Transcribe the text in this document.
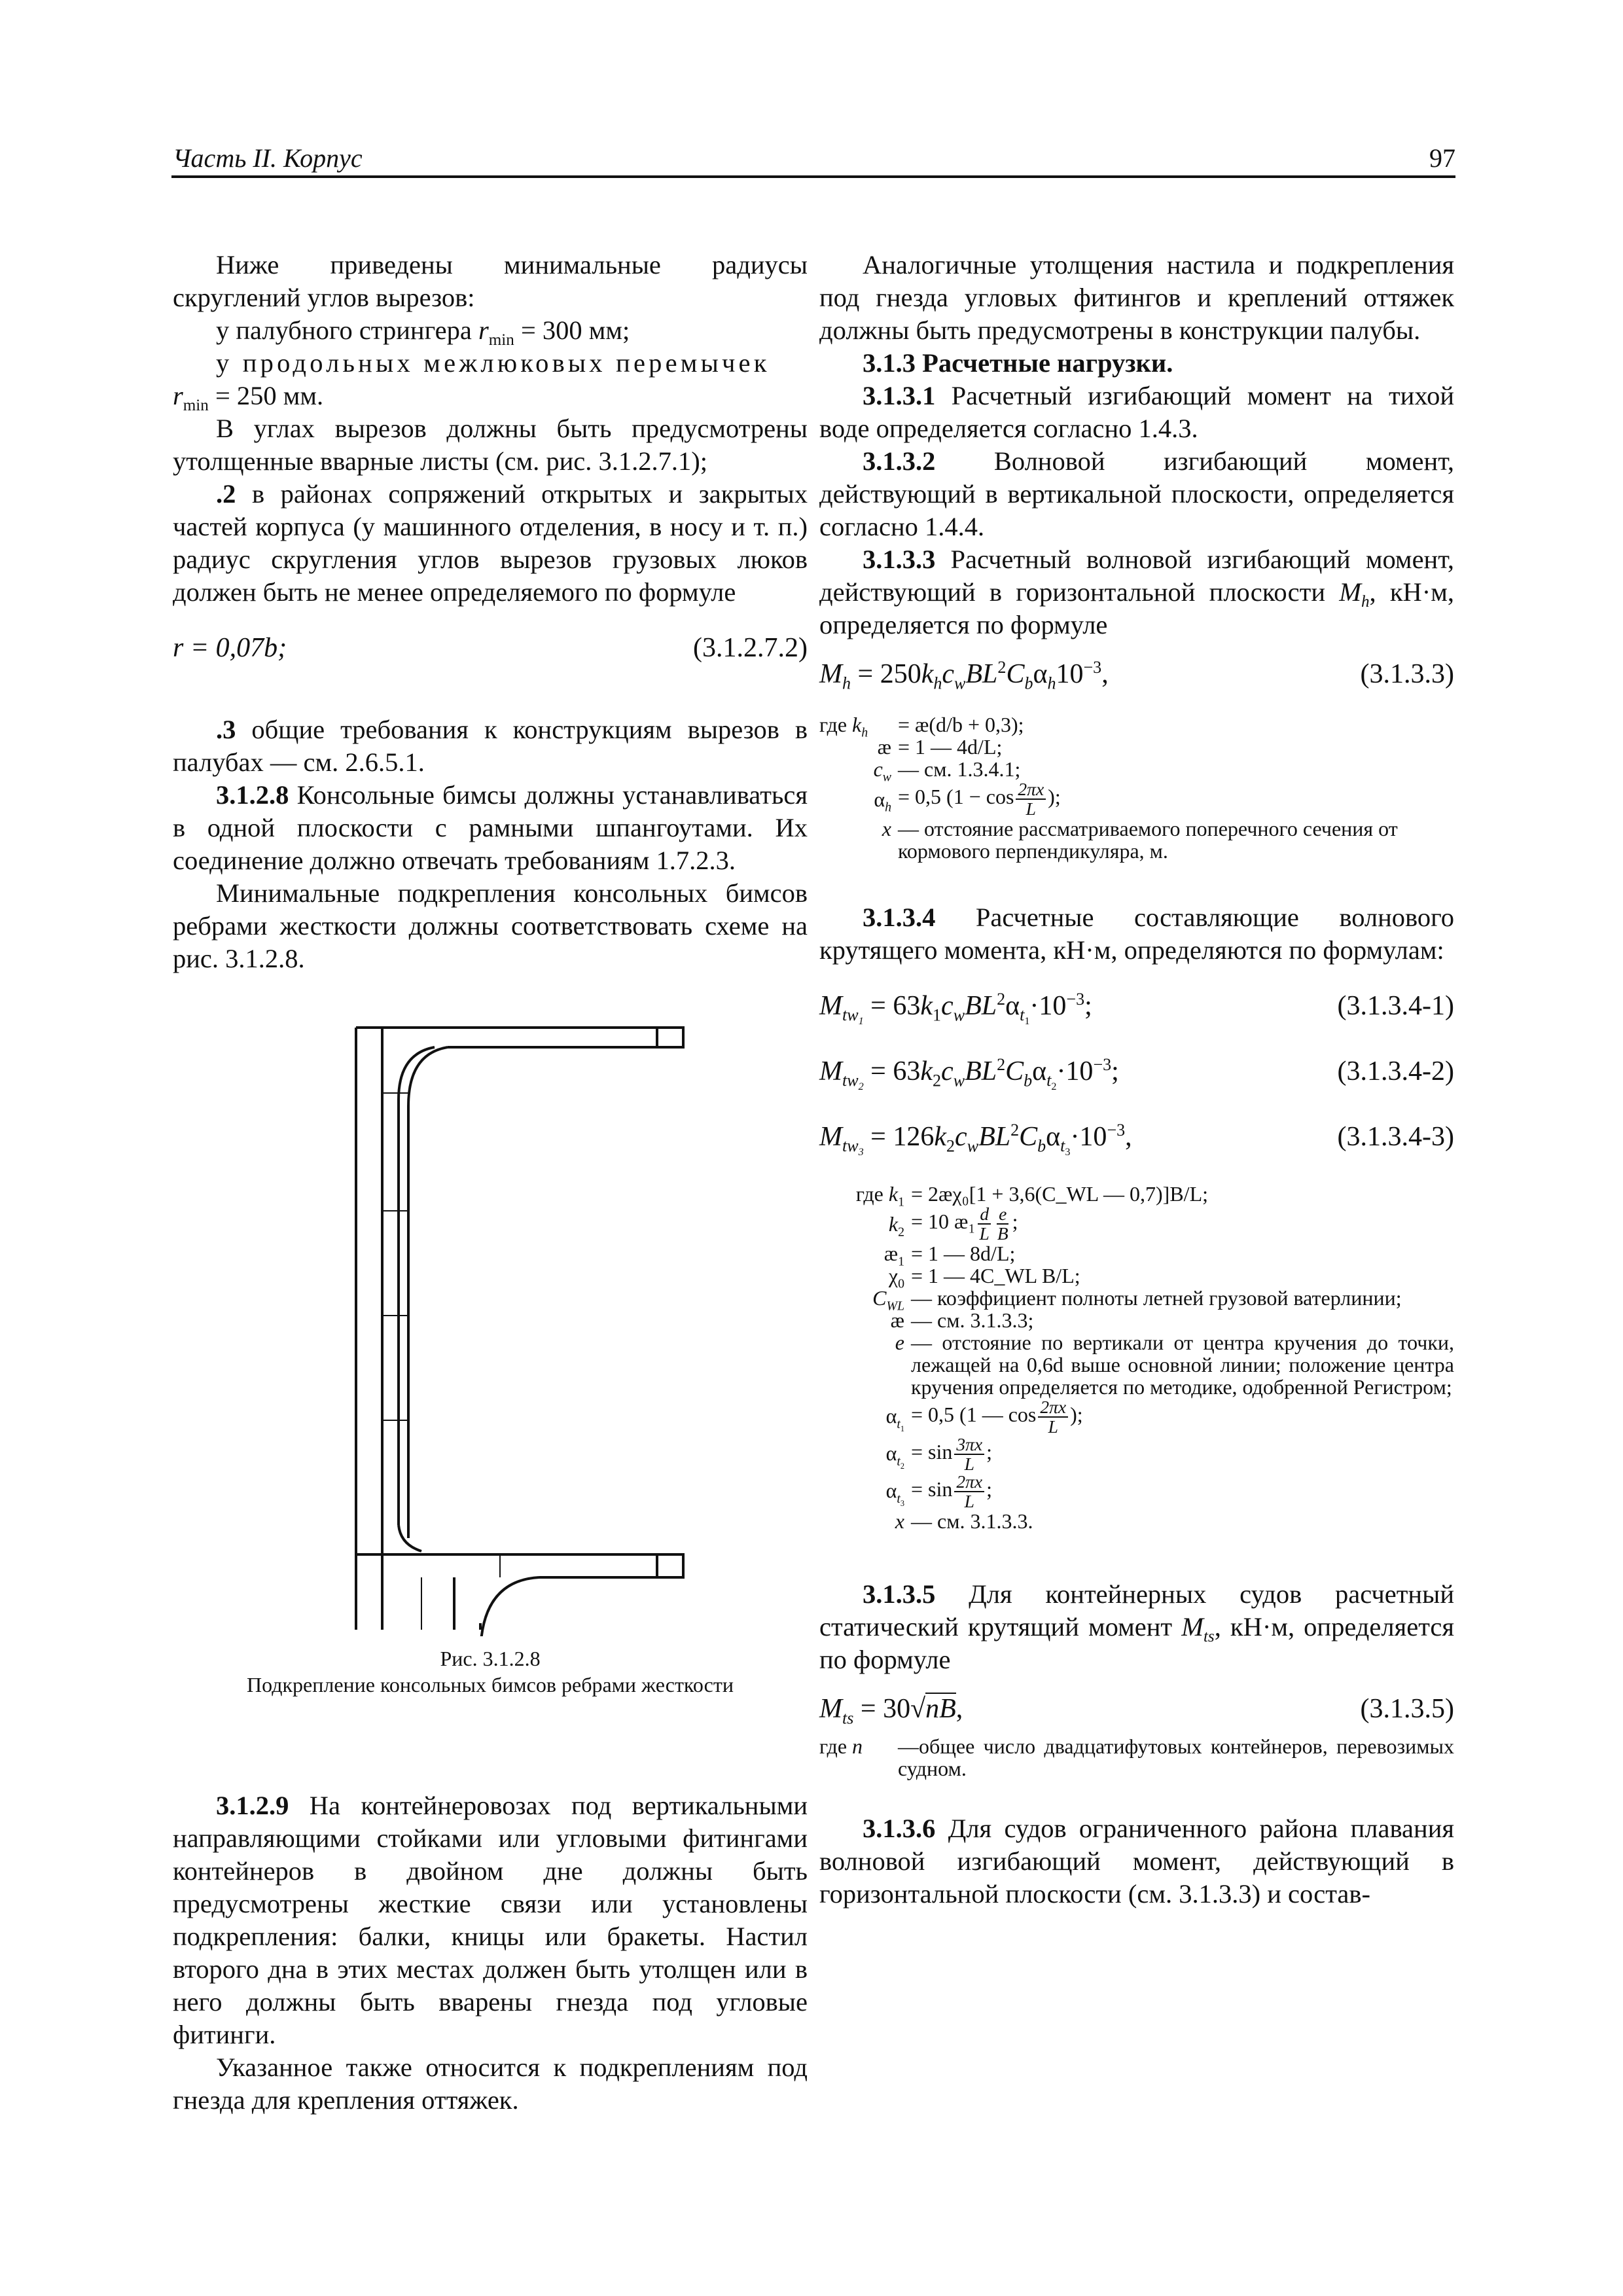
Часть II. Корпус	97

Ниже приведены минимальные радиусы скруглений углов вырезов:

у палубного стрингера $r_{min} = 300$ мм;

у продольных межлюковых перемычек

$r_{min} = 250$ мм.

В углах вырезов должны быть предусмотрены утолщенные вварные листы (см. рис. 3.1.2.7.1);

.2 в районах сопряжений открытых и закрытых частей корпуса (у машинного отделения, в носу и т. п.) радиус скругления углов вырезов грузовых люков должен быть не менее определяемого по формуле

r = 0,07b;	(3.1.2.7.2)

.3 общие требования к конструкциям вырезов в палубах — см. 2.6.5.1.

3.1.2.8 Консольные бимсы должны устанавливаться в одной плоскости с рамными шпангоутами. Их соединение должно отвечать требованиям 1.7.2.3.

Минимальные подкрепления консольных бимсов ребрами жесткости должны соответствовать схеме на рис. 3.1.2.8.

Рис. 3.1.2.8
Подкрепление консольных бимсов ребрами жесткости

3.1.2.9 На контейнеровозах под вертикальными направляющими стойками или угловыми фитингами контейнеров в двойном дне должны быть предусмотрены жесткие связи или установлены подкрепления: балки, кницы или бракеты. Настил второго дна в этих местах должен быть утолщен или в него должны быть вварены гнезда под угловые фитинги.

Указанное также относится к подкреплениям под гнезда для крепления оттяжек.

Аналогичные утолщения настила и подкрепления под гнезда угловых фитингов и креплений оттяжек должны быть предусмотрены в конструкции палубы.

3.1.3 Расчетные нагрузки.

3.1.3.1 Расчетный изгибающий момент на тихой воде определяется согласно 1.4.3.

3.1.3.2 Волновой изгибающий момент, действующий в вертикальной плоскости, определяется согласно 1.4.4.

3.1.3.3 Расчетный волновой изгибающий момент, действующий в горизонтальной плоскости $M_h$, кН·м, определяется по формуле

$M_h = 250k_hc_wBL^2C_b\alpha_h10^{-3}$,	(3.1.3.3)
где $k_h$	= æ(d/b + 0,3);
æ = 1 — 4d/L;
$c_w$ — см. 1.3.4.1;
$\alpha_h = 0,5$ ($1 - \cos \frac{2\pi x}{L}$ );
x — отстояние рассматриваемого поперечного сечения от кормового перпендикуляра, м.

3.1.3.4 Расчетные составляющие волнового крутящего момента, кН·м, определяются по формулам:

$M_{tw_1} = 63k_1c_wBL^2\alpha_{t_1}\cdot 10^{-3}$;	(3.1.3.4-1)
$M_{tw_2} = 63k_2c_wBL^2C_b\alpha_{t_2}\cdot 10^{-3}$;	(3.1.3.4-2)
$M_{tw_3} = 126k_2c_wBL^2C_b\alpha_{t_3}\cdot 10^{-3}$,	(3.1.3.4-3)
где $k_1$ = 2æχ₀[1 + 3,6(C_WL — 0,7)]B/L;
$k_2 = 10$ æ₁ $\frac{d}{L} \frac{e}{B}$ ;
$æ_1 = 1$ — 8d/L;
$\chi_0 = 1$ — 4C_WL B/L;
$C_{WL}$ — коэффициент полноты летней грузовой ватерлинии;
æ — см. 3.1.3.3;
e — отстояние по вертикали от центра кручения до точки, лежащей на 0,6d выше основной линии; положение центра кручения определяется по методике, одобренной Регистром;
$\alpha_{t_1}$
= 0,5 (1 — $\cos \frac{2\pi x}{L}$ );
$\alpha_{t_2}$
= $\sin \frac{3\pi x}{L}$ ;
$\alpha_{t_3}$
= $\sin \frac{2\pi x}{L}$ ;
x — см. 3.1.3.3.

3.1.3.5 Для контейнерных судов расчетный статический крутящий момент $M_{ts}$, кН·м, определяется по формуле

$M_{ts} = 30√nB$,	(3.1.3.5)
где n	—общее число двадцатифутовых контейнеров, перевозимых судном.

3.1.3.6 Для судов ограниченного района плавания волновой изгибающий момент, действующий в горизонтальной плоскости (см. 3.1.3.3) и состав-
